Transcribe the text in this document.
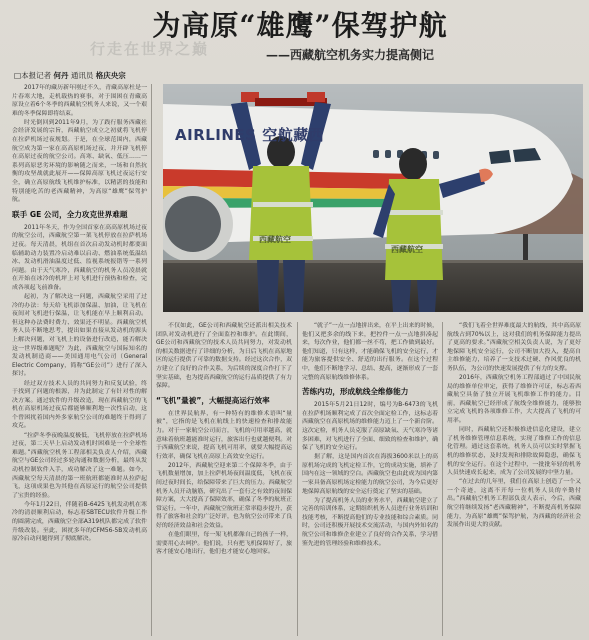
行走在世界之巅
为高原“雄鹰”保驾护航
——西藏航空机务实力提高侧记
□本报记者 何丹 通讯员 格庆央宗
AIRLINES 空航藏西
西藏航空
西藏航空

2017年的藏历新年刚过不久，青藏高原杜是一片春寒大地，走机载热的赛事，对于围困在青藏高原设立着6个冬季的西藏航空机务人来说，又一个艰难的冬季保障即将结束。

时光倒回到2011年9月，为了践行服务西藏社会经济发展的宗旨，西藏航空成立之初就将飞机停在拉萨机场过夜规划。于是，在全球范围内，西藏航空成为第一家在高高原机场过夜、并开辟飞机停在高原过夜的航空公司。高寒、缺氧、低压……一系列高原恶劣环境的影响随之而来，一场和自然抗衡的攻坚战就此展开——保障高原飞机过夜运行安全，确立高原航线飞机维护标准，以精湛的技能和特别能吃苦的老西藏精神，为高原“雄鹰”保驾护航。

联手 GE 公司，全力攻克世界难题

2011年冬天，作为全国首家在高高原机场过夜的航空公司，西藏航空第一架飞机停放在拉萨机场过夜。每天清晨，机组在首次启动发动机时都要面临辅助动力装置冷启动难以启动、燃油系统低温结冰、发动机滑油温度过低、监视系统报错等一系列问题。由于天气寒冷，西藏航空的机务人员凌晨就在开始在冰冷的机坪上对飞机进行预热和检查，完成各项起飞前准备。

起初，为了解决这一问题，西藏航空采用了过冷的办法：每天给飞机添加保温、加油，让飞机在夜间对飞机进行保温，让飞机能在早上顺利启动。但这种办法费时费力、效果还不明显。西藏航空机务人员不断地思考，提出如果直接从发动机的源头上解决问题，对飞机上的设备进行改造，能否解决这一世界级难题呢？为此，西藏航空与国际知名的发动机制造商——美国通用电气公司（General Electric Company，简称“GE公司”）进行了深入探讨。

经过双方技术人员的共同努力和反复试验，终于找到了问题的根源，并为此制定了有针对性的解决方案。通过软件的升级改造，现在西藏航空的飞机在高原机场过夜后都能够顺利地一次性启动，这个曾困扰着国内外多家航空公司的难题终于得到了攻克。

“拉萨冬季夜晚温度极低，飞机停放在拉萨机场过夜，第二天早上启动发动机时困难是一个全球性难题。”西藏航空机务工程部相关负责人介绍，西藏航空与GE公司经过多轮沟通和数据分析，最终从发动机控制软件入手，成功解决了这一难题。如今，西藏航空每天清晨的第一班航班都能准时从拉萨起飞，这项成果也为其他在高原运行的航空公司提供了宝贵的经验。

今年1月22日，伴随着B-6425飞机发动机在寒冷的清晨顺利启动，标志着SBTECU软件升级工作的圆满完成，西藏航空全部A319机队都完成了软件升级改装。至此，困扰多年的CFM56-5B发动机高原冷启动问题得到了彻底解决。

不仅如此，GE公司和西藏航空还派出相关技术团队对发动机进行了全面监控和维护。在此期间，GE公司和西藏航空的技术人员共同努力，对发动机的相关数据进行了详细的分析，为日后飞机在高原地区的运行提供了可靠的数据支持。经过这次合作，双方建立了良好的合作关系，为后续的深度合作打下了坚实基础，也为提高西藏航空的运行品质提供了有力保障。

“飞机”量被”，大幅提高运行效率

在世界民航界，有一种特有的维修术语叫“量被”，它指的是飞机在航线上的快速检查和排故能力。对于一家航空公司而言，飞机的可用率越高，就意味着航班越能准时运行，旅客出行也就越便利。对于西藏航空来说，提高飞机可用率，就要大幅提高运行效率，确保飞机在高原上高效安全运行。

2012年，西藏航空迎来第二个保障冬季，由于飞机数量增加，加上拉萨机场夜间温度低，飞机在夜间过夜时间长，给保障带来了巨大的压力。西藏航空机务人员开动脑筋，研究出了一套行之有效的夜间保障方案，大大提高了保障效率，确保了冬季的航班正常运行。一年中，西藏航空航班正常率稳步提升，获得了旅客和社会的广泛好评，也为航空公司带来了良好的经济效益和社会效益。

在他们眼里，每一架飞机都像自己的孩子一样，需要用心去呵护。他们说，只有把飞机保障好了，旅客才能安心地出行，他们也才能安心地回家。

“就子”一点一点地拼出来，在平上出来的时候，他们又把多余的线下来，把控件一点一点地拼凑起来，每次作业，他们都一丝不苟，把工作做到最好。他们知道，只有这样，才能确保飞机的安全运行，才能为旅客提供安全、舒适的出行服务。在这个过程中，他们不断地学习、总结、提高，逐渐形成了一套完整的高原航线维修体系。

苦练内功，形成航线全维修能力

2015年5月21日12时，编号为B-6473的飞机在拉萨机场顺利完成了首次全面定检工作，这标志着西藏航空在高原机场的维修能力迈上了一个新台阶。这次定检，机务人员克服了高原缺氧、天气寒冷等诸多困难，对飞机进行了全面、细致的检查和维护，确保了飞机的安全运行。

据了解，这是国内首次在海拔3600米以上的高原机场完成的飞机定检工作，它的成功实施，填补了国内在这一领域的空白。西藏航空也由此成为国内第一家具备高原机场定检能力的航空公司，为今后更好地保障高原航线的安全运行奠定了坚实的基础。

为了提高机务人员的业务水平，西藏航空建立了完善的培训体系，定期组织机务人员进行业务培训和技能考核，不断提高他们的专业技能和综合素质。同时，公司还积极开展技术交流活动，与国内外知名的航空公司和维修企业建立了良好的合作关系，学习借鉴先进的管理经验和维修技术。

“我们飞着全世界难度最大的航线，其中高高原航线占到70%以上，这对我们的机务保障能力提出了更高的要求。”西藏航空相关负责人说，为了更好地保障飞机安全运行，公司不断加大投入，提高自主维修能力，培养了一支技术过硬、作风优良的机务队伍，为公司的快速发展提供了有力的支撑。

2016年，西藏航空机务工程部通过了中国民航局的维修单位审定，获得了维修许可证，标志着西藏航空具备了独立开展飞机维修工作的能力。目前，西藏航空已经形成了航线全维修能力，能够独立完成飞机的各项维修工作，大大提高了飞机的可用率。

同时，西藏航空还积极推进信息化建设，建立了机务维修管理信息系统，实现了维修工作的信息化管理。通过这套系统，机务人员可以实时掌握飞机的维修状态，及时发现和排除故障隐患，确保飞机的安全运行。在这个过程中，一批批年轻的机务人员快速成长起来，成为了公司发展的中坚力量。

“在过去的几年里，我们在高原上创造了一个又一个奇迹，这离不开每一位机务人员的辛勤付出。”西藏航空机务工程部负责人表示，今后，西藏航空将继续发扬“老西藏精神”，不断提高机务保障能力，为高原“雄鹰”保驾护航，为西藏的经济社会发展作出更大的贡献。
